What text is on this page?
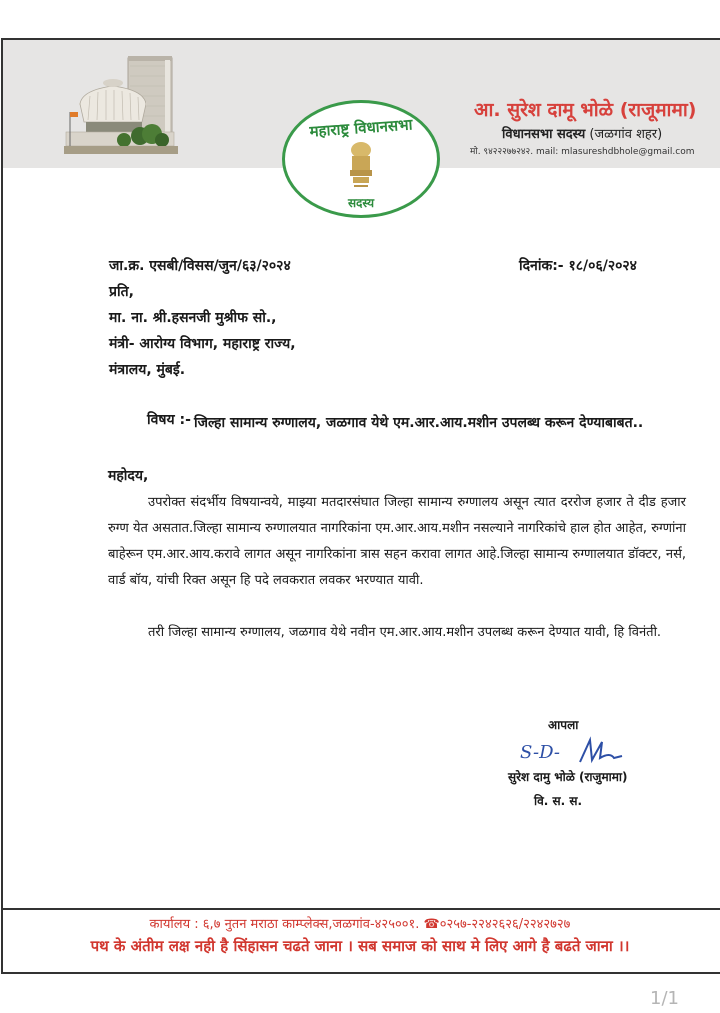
महाराष्ट्र विधानसभा
सदस्य
आ. सुरेश दामू भोळे (राजूमामा)
विधानसभा सदस्य (जळगांव शहर)
मो. ९४२२२७७२४२. mail: mlasureshdbhole@gmail.com
जा.क्र. एसबी/विसस/जुन/६३/२०२४	दिनांक:- १८/०६/२०२४
प्रति,
मा. ना. श्री.हसनजी मुश्रीफ सो.,
मंत्री- आरोग्य विभाग, महाराष्ट्र राज्य,
मंत्रालय, मुंबई.
विषय :- जिल्हा सामान्य रुग्णालय, जळगाव येथे एम.आर.आय.मशीन उपलब्ध करून देण्याबाबत..
महोदय,
उपरोक्त संदर्भीय विषयान्वये, माझ्या मतदारसंघात जिल्हा सामान्य रुग्णालय असून त्यात दररोज हजार ते दीड हजार रुग्ण येत असतात.जिल्हा सामान्य रुग्णालयात नागरिकांना एम.आर.आय.मशीन नसल्याने नागरिकांचे हाल होत आहेत, रुग्णांना बाहेरून एम.आर.आय.करावे लागत असून नागरिकांना त्रास सहन करावा लागत आहे.जिल्हा सामान्य रुग्णालयात डॉक्टर, नर्स, वार्ड बॉय, यांची रिक्त असून हि पदे लवकरात लवकर भरण्यात यावी.
तरी जिल्हा सामान्य रुग्णालय, जळगाव येथे नवीन एम.आर.आय.मशीन उपलब्ध करून देण्यात यावी, हि विनंती.
आपला
S-D-
सुरेश दामु भोळे (राजुमामा)
वि. स. स.
कार्यालय : ६,७ नुतन मराठा काम्प्लेक्स,जळगांव-४२५००१. ☎०२५७-२२४२६२६/२२४२७२७
पथ के अंतीम लक्ष नही है सिंहासन चढते जाना । सब समाज को साथ मे लिए आगे है बढते जाना ।।
1/1
